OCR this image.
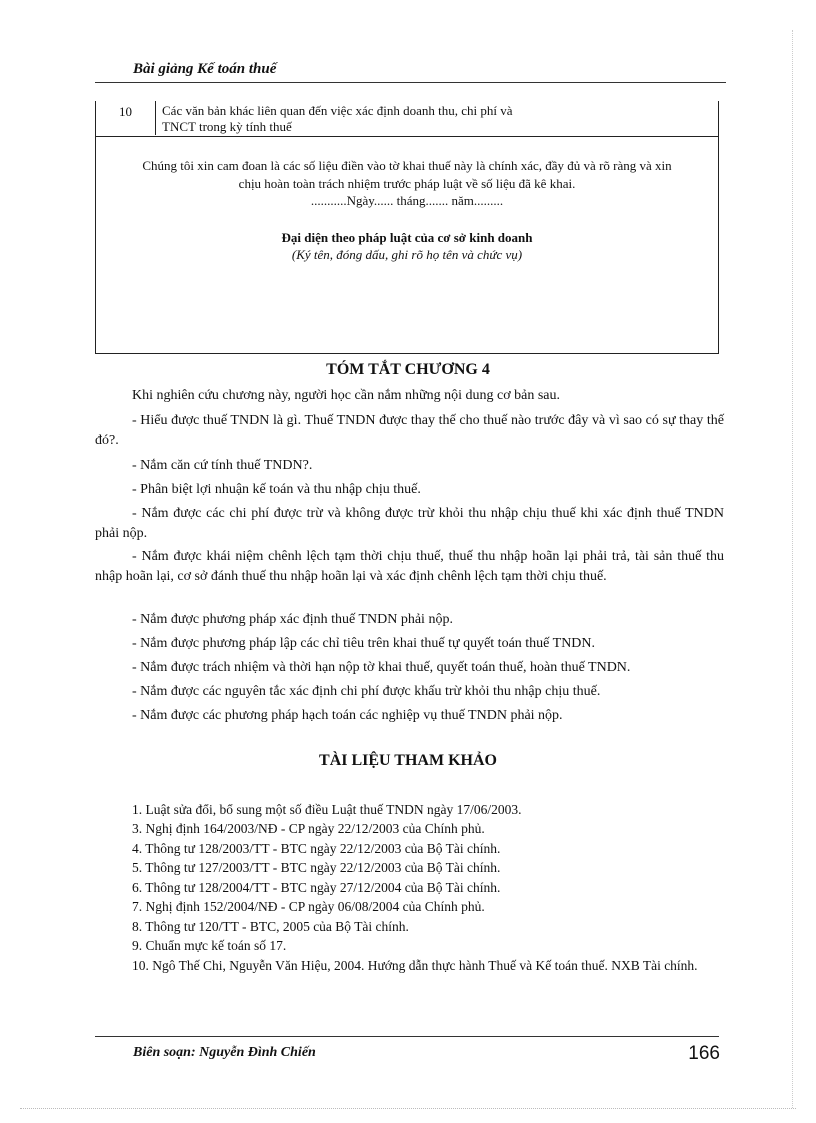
Bài giảng Kế toán thuế
10	Các văn bản khác liên quan đến việc xác định doanh thu, chi phí và
TNCT trong kỳ tính thuế
Chúng tôi xin cam đoan là các số liệu điền vào tờ khai thuế này là chính xác, đầy đủ và rõ ràng và xin
chịu hoàn toàn trách nhiệm trước pháp luật về số liệu đã kê khai.
...........Ngày...... tháng....... năm.........
Đại diện theo pháp luật của cơ sở kinh doanh
(Ký tên, đóng dấu, ghi rõ họ tên và chức vụ)
TÓM TẮT CHƯƠNG 4
Khi nghiên cứu chương này, người học cần nắm những nội dung cơ bản sau.
- Hiểu được thuế TNDN là gì. Thuế TNDN được thay thế cho thuế nào trước đây và vì sao có sự thay thế đó?.
- Nắm căn cứ tính thuế TNDN?.
- Phân biệt lợi nhuận kế toán và thu nhập chịu thuế.
- Nắm được các chi phí được trừ và không được trừ khỏi thu nhập chịu thuế khi xác định thuế TNDN phải nộp.
- Nắm được khái niệm chênh lệch tạm thời chịu thuế, thuế thu nhập hoãn lại phải trả, tài sản thuế thu nhập hoãn lại, cơ sở đánh thuế thu nhập hoãn lại và xác định chênh lệch tạm thời chịu thuế.
- Nắm được phương pháp xác định thuế TNDN phải nộp.
- Nắm được phương pháp lập các chỉ tiêu trên khai thuế tự quyết toán thuế TNDN.
- Nắm được trách nhiệm và thời hạn nộp tờ khai thuế, quyết toán thuế, hoàn thuế TNDN.
- Nắm được các nguyên tắc xác định chi phí được khấu trừ khỏi thu nhập chịu thuế.
- Nắm được các phương pháp hạch toán các nghiệp vụ thuế TNDN phải nộp.
TÀI LIỆU THAM KHẢO
1. Luật sửa đổi, bổ sung một số điều Luật thuế TNDN ngày 17/06/2003.
3. Nghị định 164/2003/NĐ - CP ngày 22/12/2003 của Chính phủ.
4. Thông tư 128/2003/TT - BTC ngày 22/12/2003 của Bộ Tài chính.
5. Thông tư 127/2003/TT - BTC ngày 22/12/2003 của Bộ Tài chính.
6. Thông tư 128/2004/TT - BTC ngày 27/12/2004 của Bộ Tài chính.
7. Nghị định 152/2004/NĐ - CP ngày 06/08/2004 của Chính phủ.
8. Thông tư 120/TT - BTC, 2005 của Bộ Tài chính.
9. Chuẩn mực kế toán số 17.
10. Ngô Thế Chi, Nguyễn Văn Hiệu, 2004. Hướng dẫn thực hành Thuế và Kế toán thuế. NXB Tài chính.
Biên soạn: Nguyễn Đình Chiến	166
